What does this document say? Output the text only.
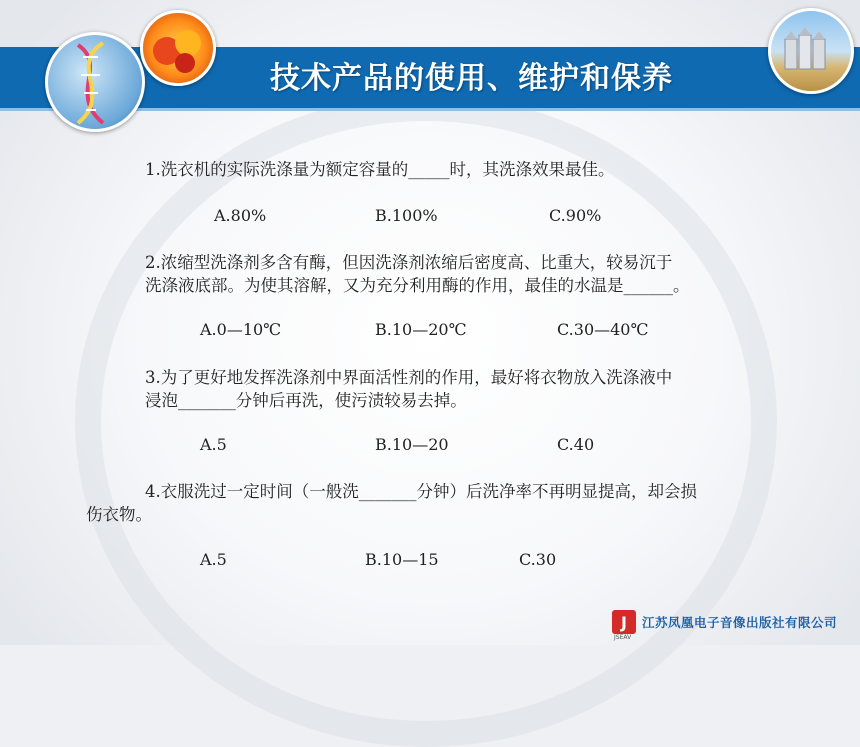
技术产品的使用、维护和保养
1.洗衣机的实际洗涤量为额定容量的_____时，其洗涤效果最佳。
A.80%	B.100%	C.90%
2.浓缩型洗涤剂多含有酶，但因洗涤剂浓缩后密度高、比重大，较易沉于
洗涤液底部。为使其溶解，又为充分利用酶的作用，最佳的水温是______。
A.0—10℃	B.10—20℃	C.30—40℃
3.为了更好地发挥洗涤剂中界面活性剂的作用，最好将衣物放入洗涤液中
浸泡_______分钟后再洗，使污渍较易去掉。
A.5	B.10—20	C.40
4.衣服洗过一定时间（一般洗_______分钟）后洗净率不再明显提高，却会损
伤衣物。
A.5	B.10—15	C.30
J	江苏凤凰电子音像出版社有限公司
JSEAV
